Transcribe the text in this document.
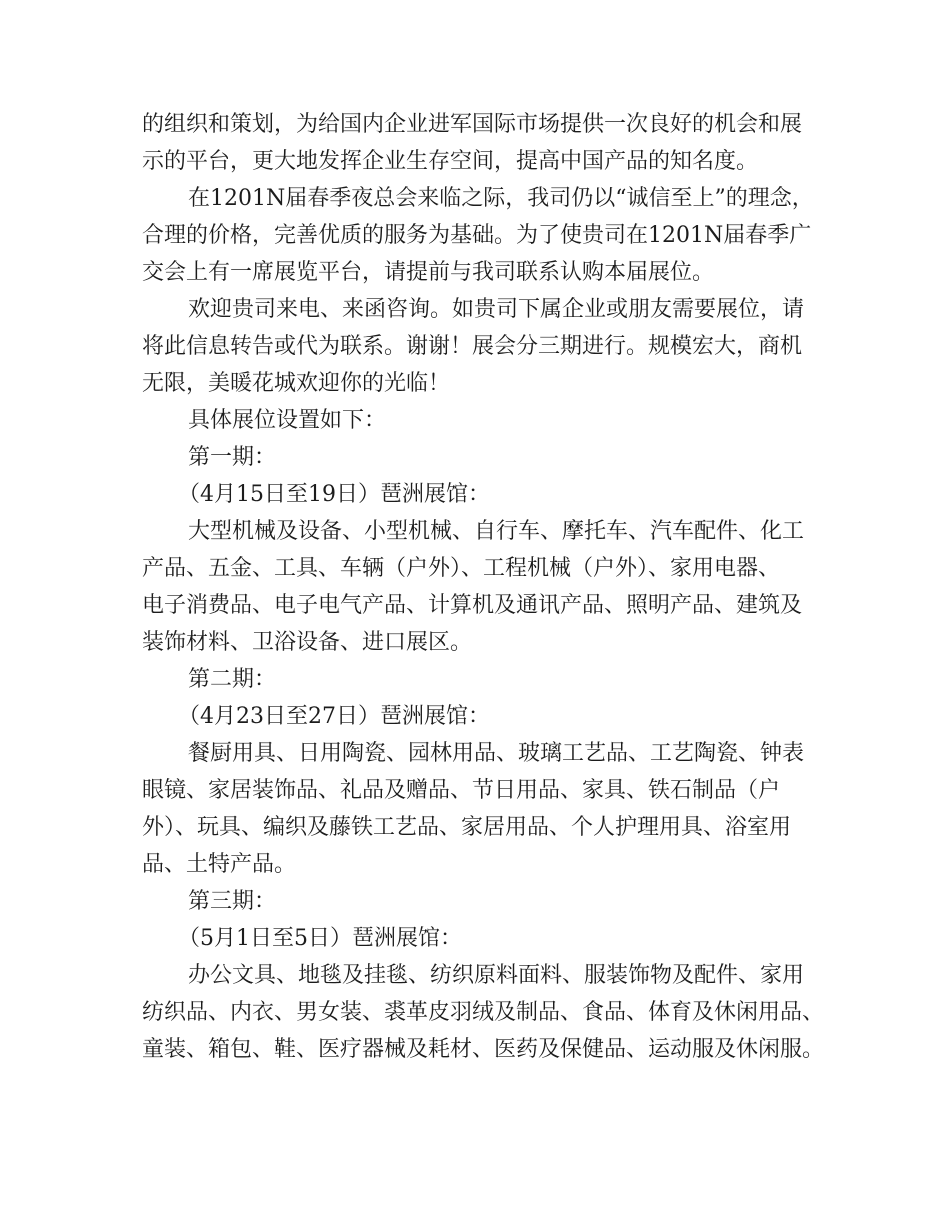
的组织和策划，为给国内企业进军国际市场提供一次良好的机会和展
示的平台，更大地发挥企业生存空间，提高中国产品的知名度。
在1201N届春季夜总会来临之际，我司仍以“诚信至上”的理念，
合理的价格，完善优质的服务为基础。为了使贵司在1201N届春季广
交会上有一席展览平台，请提前与我司联系认购本届展位。
欢迎贵司来电、来函咨询。如贵司下属企业或朋友需要展位，请
将此信息转告或代为联系。谢谢！展会分三期进行。规模宏大，商机
无限，美暖花城欢迎你的光临！
具体展位设置如下：
第一期：
（4月15日至19日）琶洲展馆：
大型机械及设备、小型机械、自行车、摩托车、汽车配件、化工
产品、五金、工具、车辆（户外）、工程机械（户外）、家用电器、
电子消费品、电子电气产品、计算机及通讯产品、照明产品、建筑及
装饰材料、卫浴设备、进口展区。
第二期：
（4月23日至27日）琶洲展馆：
餐厨用具、日用陶瓷、园林用品、玻璃工艺品、工艺陶瓷、钟表
眼镜、家居装饰品、礼品及赠品、节日用品、家具、铁石制品（户
外）、玩具、编织及藤铁工艺品、家居用品、个人护理用具、浴室用
品、土特产品。
第三期：
（5月1日至5日）琶洲展馆：
办公文具、地毯及挂毯、纺织原料面料、服装饰物及配件、家用
纺织品、内衣、男女装、裘革皮羽绒及制品、食品、体育及休闲用品、
童装、箱包、鞋、医疗器械及耗材、医药及保健品、运动服及休闲服。
